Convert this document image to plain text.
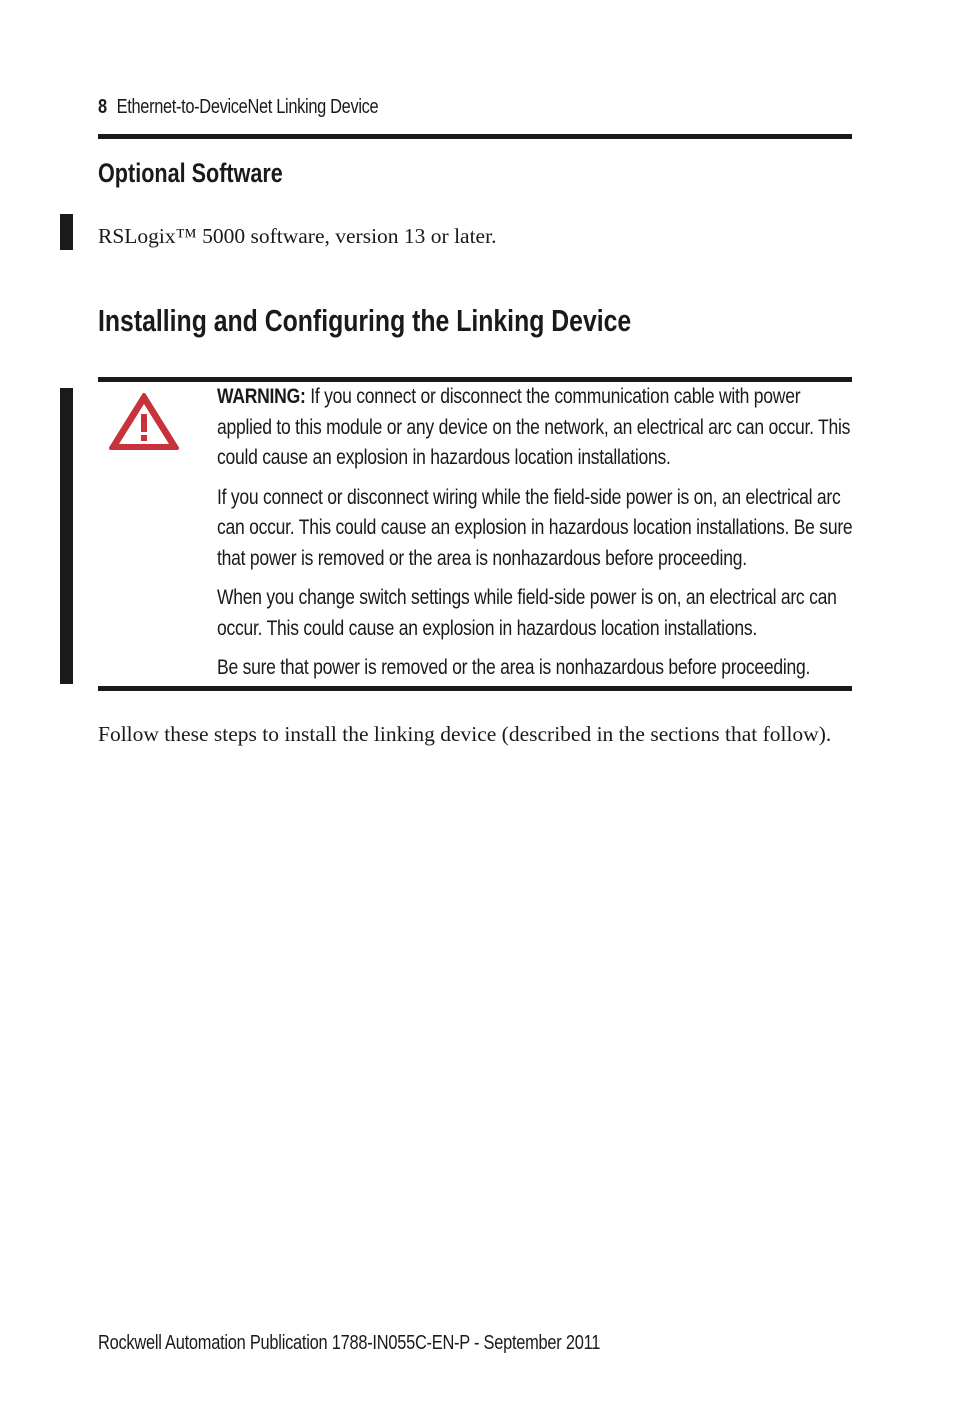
8 Ethernet-to-DeviceNet Linking Device
Optional Software
RSLogix™ 5000 software, version 13 or later.
Installing and Configuring the Linking Device

WARNING: If you connect or disconnect the communication cable with power applied to this module or any device on the network, an electrical arc can occur. This could cause an explosion in hazardous location installations.

If you connect or disconnect wiring while the field-side power is on, an electrical arc can occur. This could cause an explosion in hazardous location installations. Be sure that power is removed or the area is nonhazardous before proceeding.

When you change switch settings while field-side power is on, an electrical arc can occur. This could cause an explosion in hazardous location installations.

Be sure that power is removed or the area is nonhazardous before proceeding.

Follow these steps to install the linking device (described in the sections that follow).
Rockwell Automation Publication 1788-IN055C-EN-P - September 2011
